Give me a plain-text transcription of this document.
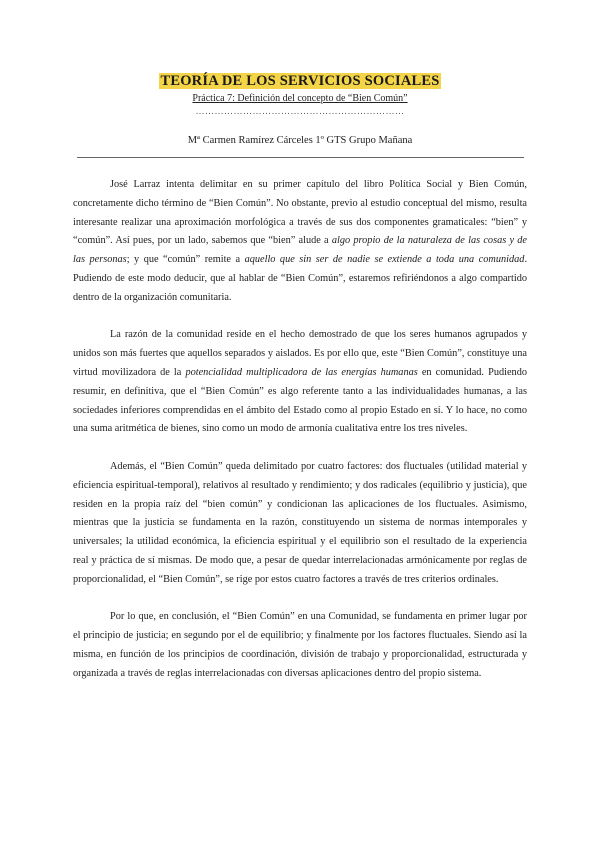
TEORÍA DE LOS SERVICIOS SOCIALES
Práctica 7: Definición del concepto de “Bien Común”
…………………………………………………………
Mª Carmen Ramírez Cárceles 1º GTS Grupo Mañana

José Larraz intenta delimitar en su primer capítulo del libro Política Social y Bien Común, concretamente dicho término de “Bien Común”. No obstante, previo al estudio conceptual del mismo, resulta interesante realizar una aproximación morfológica a través de sus dos componentes gramaticales: “bien” y “común”. Así pues, por un lado, sabemos que “bien” alude a algo propio de la naturaleza de las cosas y de las personas; y que “común” remite a aquello que sin ser de nadie se extiende a toda una comunidad. Pudiendo de este modo deducir, que al hablar de “Bien Común”, estaremos refiriéndonos a algo compartido dentro de la organización comunitaria.

La razón de la comunidad reside en el hecho demostrado de que los seres humanos agrupados y unidos son más fuertes que aquellos separados y aislados. Es por ello que, este “Bien Común”, constituye una virtud movilizadora de la potencialidad multiplicadora de las energías humanas en comunidad. Pudiendo resumir, en definitiva, que el “Bien Común” es algo referente tanto a las individualidades humanas, a las sociedades inferiores comprendidas en el ámbito del Estado como al propio Estado en sí. Y lo hace, no como una suma aritmética de bienes, sino como un modo de armonía cualitativa entre los tres niveles.

Además, el “Bien Común” queda delimitado por cuatro factores: dos fluctuales (utilidad material y eficiencia espiritual-temporal), relativos al resultado y rendimiento; y dos radicales (equilibrio y justicia), que residen en la propia raíz del “bien común” y condicionan las aplicaciones de los fluctuales. Asimismo, mientras que la justicia se fundamenta en la razón, constituyendo un sistema de normas intemporales y universales; la utilidad económica, la eficiencia espiritual y el equilibrio son el resultado de la experiencia real y práctica de sí mismas. De modo que, a pesar de quedar interrelacionadas armónicamente por reglas de proporcionalidad, el “Bien Común”, se rige por estos cuatro factores a través de tres criterios ordinales.

Por lo que, en conclusión, el “Bien Común” en una Comunidad, se fundamenta en primer lugar por el principio de justicia; en segundo por el de equilibrio; y finalmente por los factores fluctuales. Siendo así la misma, en función de los principios de coordinación, división de trabajo y proporcionalidad, estructurada y organizada a través de reglas interrelacionadas con diversas aplicaciones dentro del propio sistema.
